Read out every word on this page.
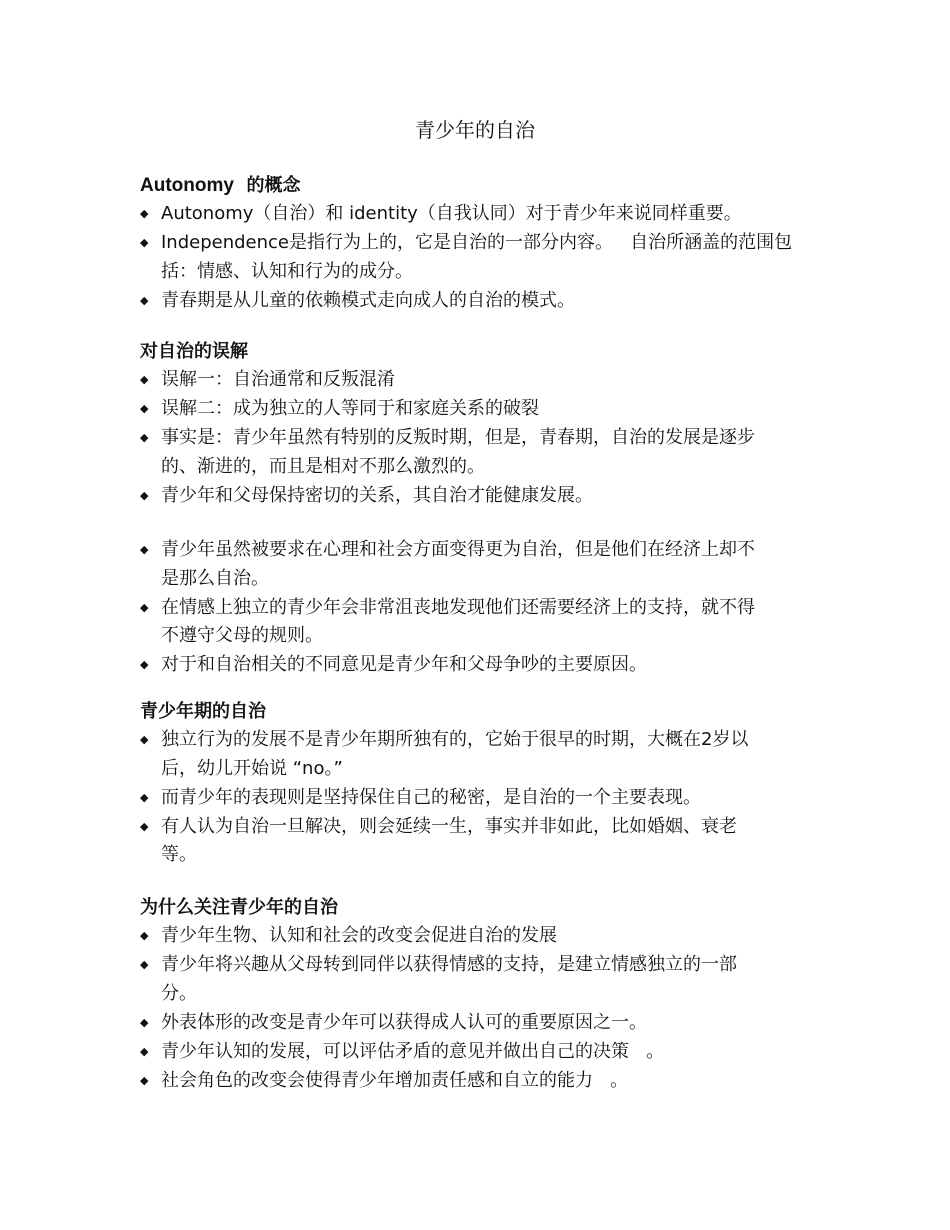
青少年的自治
Autonomy  的概念
◆ Autonomy（自治）和 identity（自我认同）对于青少年来说同样重要。
◆ Independence是指行为上的，它是自治的一部分内容。   自治所涵盖的范围包括：情感、认知和行为的成分。
◆ 青春期是从儿童的依赖模式走向成人的自治的模式。
对自治的误解
◆ 误解一：自治通常和反叛混淆
◆ 误解二：成为独立的人等同于和家庭关系的破裂
◆ 事实是：青少年虽然有特别的反叛时期，但是，青春期，自治的发展是逐步的、渐进的，而且是相对不那么激烈的。
◆ 青少年和父母保持密切的关系，其自治才能健康发展。
◆ 青少年虽然被要求在心理和社会方面变得更为自治，但是他们在经济上却不是那么自治。
◆ 在情感上独立的青少年会非常沮丧地发现他们还需要经济上的支持，就不得不遵守父母的规则。
◆ 对于和自治相关的不同意见是青少年和父母争吵的主要原因。
青少年期的自治
◆ 独立行为的发展不是青少年期所独有的，它始于很早的时期，大概在2岁以后，幼儿开始说 “no。”
◆ 而青少年的表现则是坚持保住自己的秘密，是自治的一个主要表现。
◆ 有人认为自治一旦解决，则会延续一生，事实并非如此，比如婚姻、衰老等。
为什么关注青少年的自治
◆ 青少年生物、认知和社会的改变会促进自治的发展
◆ 青少年将兴趣从父母转到同伴以获得情感的支持，是建立情感独立的一部分。
◆ 外表体形的改变是青少年可以获得成人认可的重要原因之一。
◆ 青少年认知的发展，可以评估矛盾的意见并做出自己的决策   。
◆ 社会角色的改变会使得青少年增加责任感和自立的能力   。
